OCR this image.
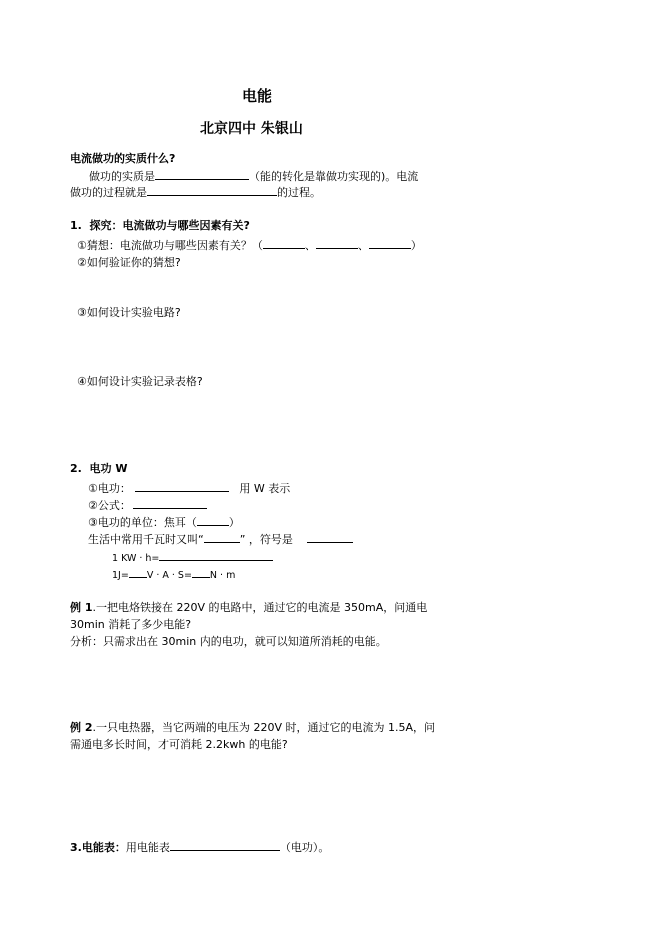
电能
北京四中 朱银山
电流做功的实质什么?
做功的实质是	（能的转化是靠做功实现的)。电流
做功的过程就是	的过程。
1. 探究：电流做功与哪些因素有关?
①猜想：电流做功与哪些因素有关？（	、	、	）
②如何验证你的猜想?
③如何设计实验电路?
④如何设计实验记录表格?
2. 电功 W
①电功：	用 W 表示
②公式：
③电功的单位：焦耳（	）
生活中常用千瓦时又叫“	” ，符号是
1 KW · h=
1J= V · A · S= N · m
例 1.一把电烙铁接在 220V 的电路中，通过它的电流是 350mA，问通电
30min 消耗了多少电能?
分析：只需求出在 30min 内的电功，就可以知道所消耗的电能。
例 2.一只电热器，当它两端的电压为 220V 时，通过它的电流为 1.5A，问
需通电多长时间，才可消耗 2.2kwh 的电能?
3.电能表：用电能表	（电功）。
